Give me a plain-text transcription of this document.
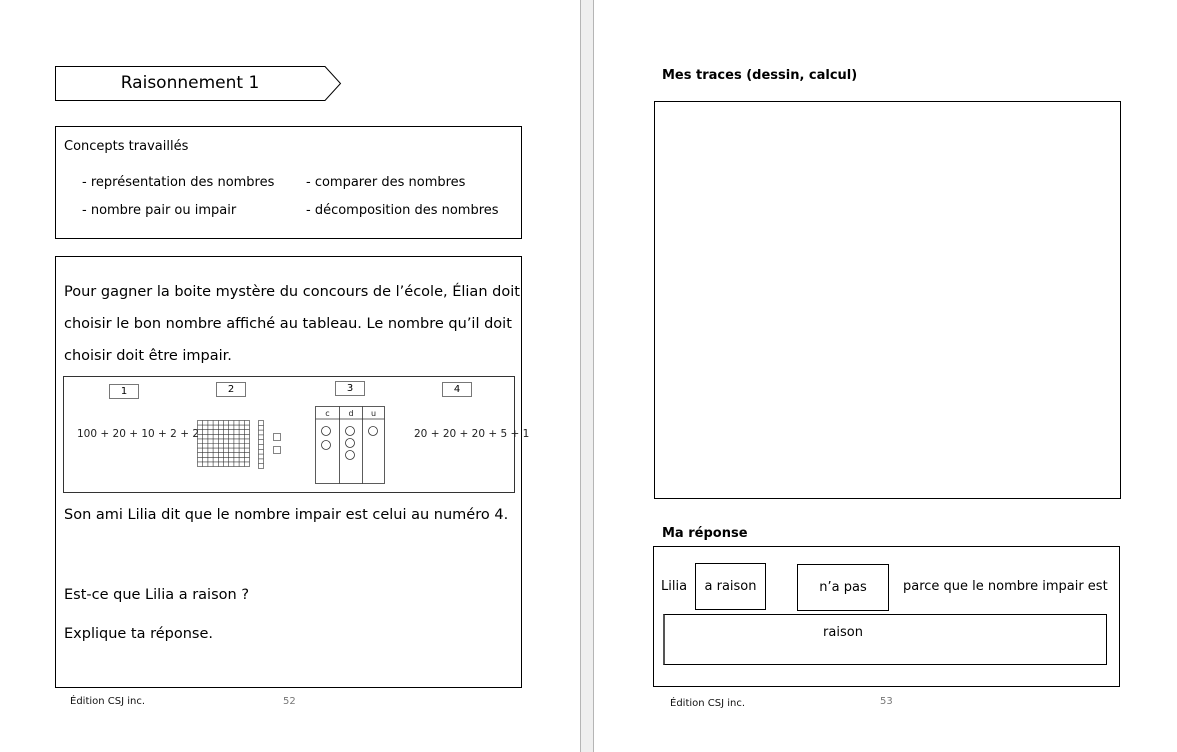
Raisonnement 1
Concepts travaillés
- représentation des nombres - comparer des nombres
- nombre pair ou impair	- décomposition des nombres
Pour gagner la boite mystère du concours de l’école, Élian doit
choisir le bon nombre affiché au tableau. Le nombre qu’il doit
choisir doit être impair.
1
100 + 20 + 10 + 2 + 2
2	3
c d u
4
20 + 20 + 20 + 5 + 1
Son ami Lilia dit que le nombre impair est celui au numéro 4.
Est-ce que Lilia a raison ?
Explique ta réponse.
Édition CSJ inc.	52
Mes traces (dessin, calcul)
Ma réponse
Lilia	a raison	n’a pas raison
parce que le nombre impair est
Édition CSJ inc.	53
